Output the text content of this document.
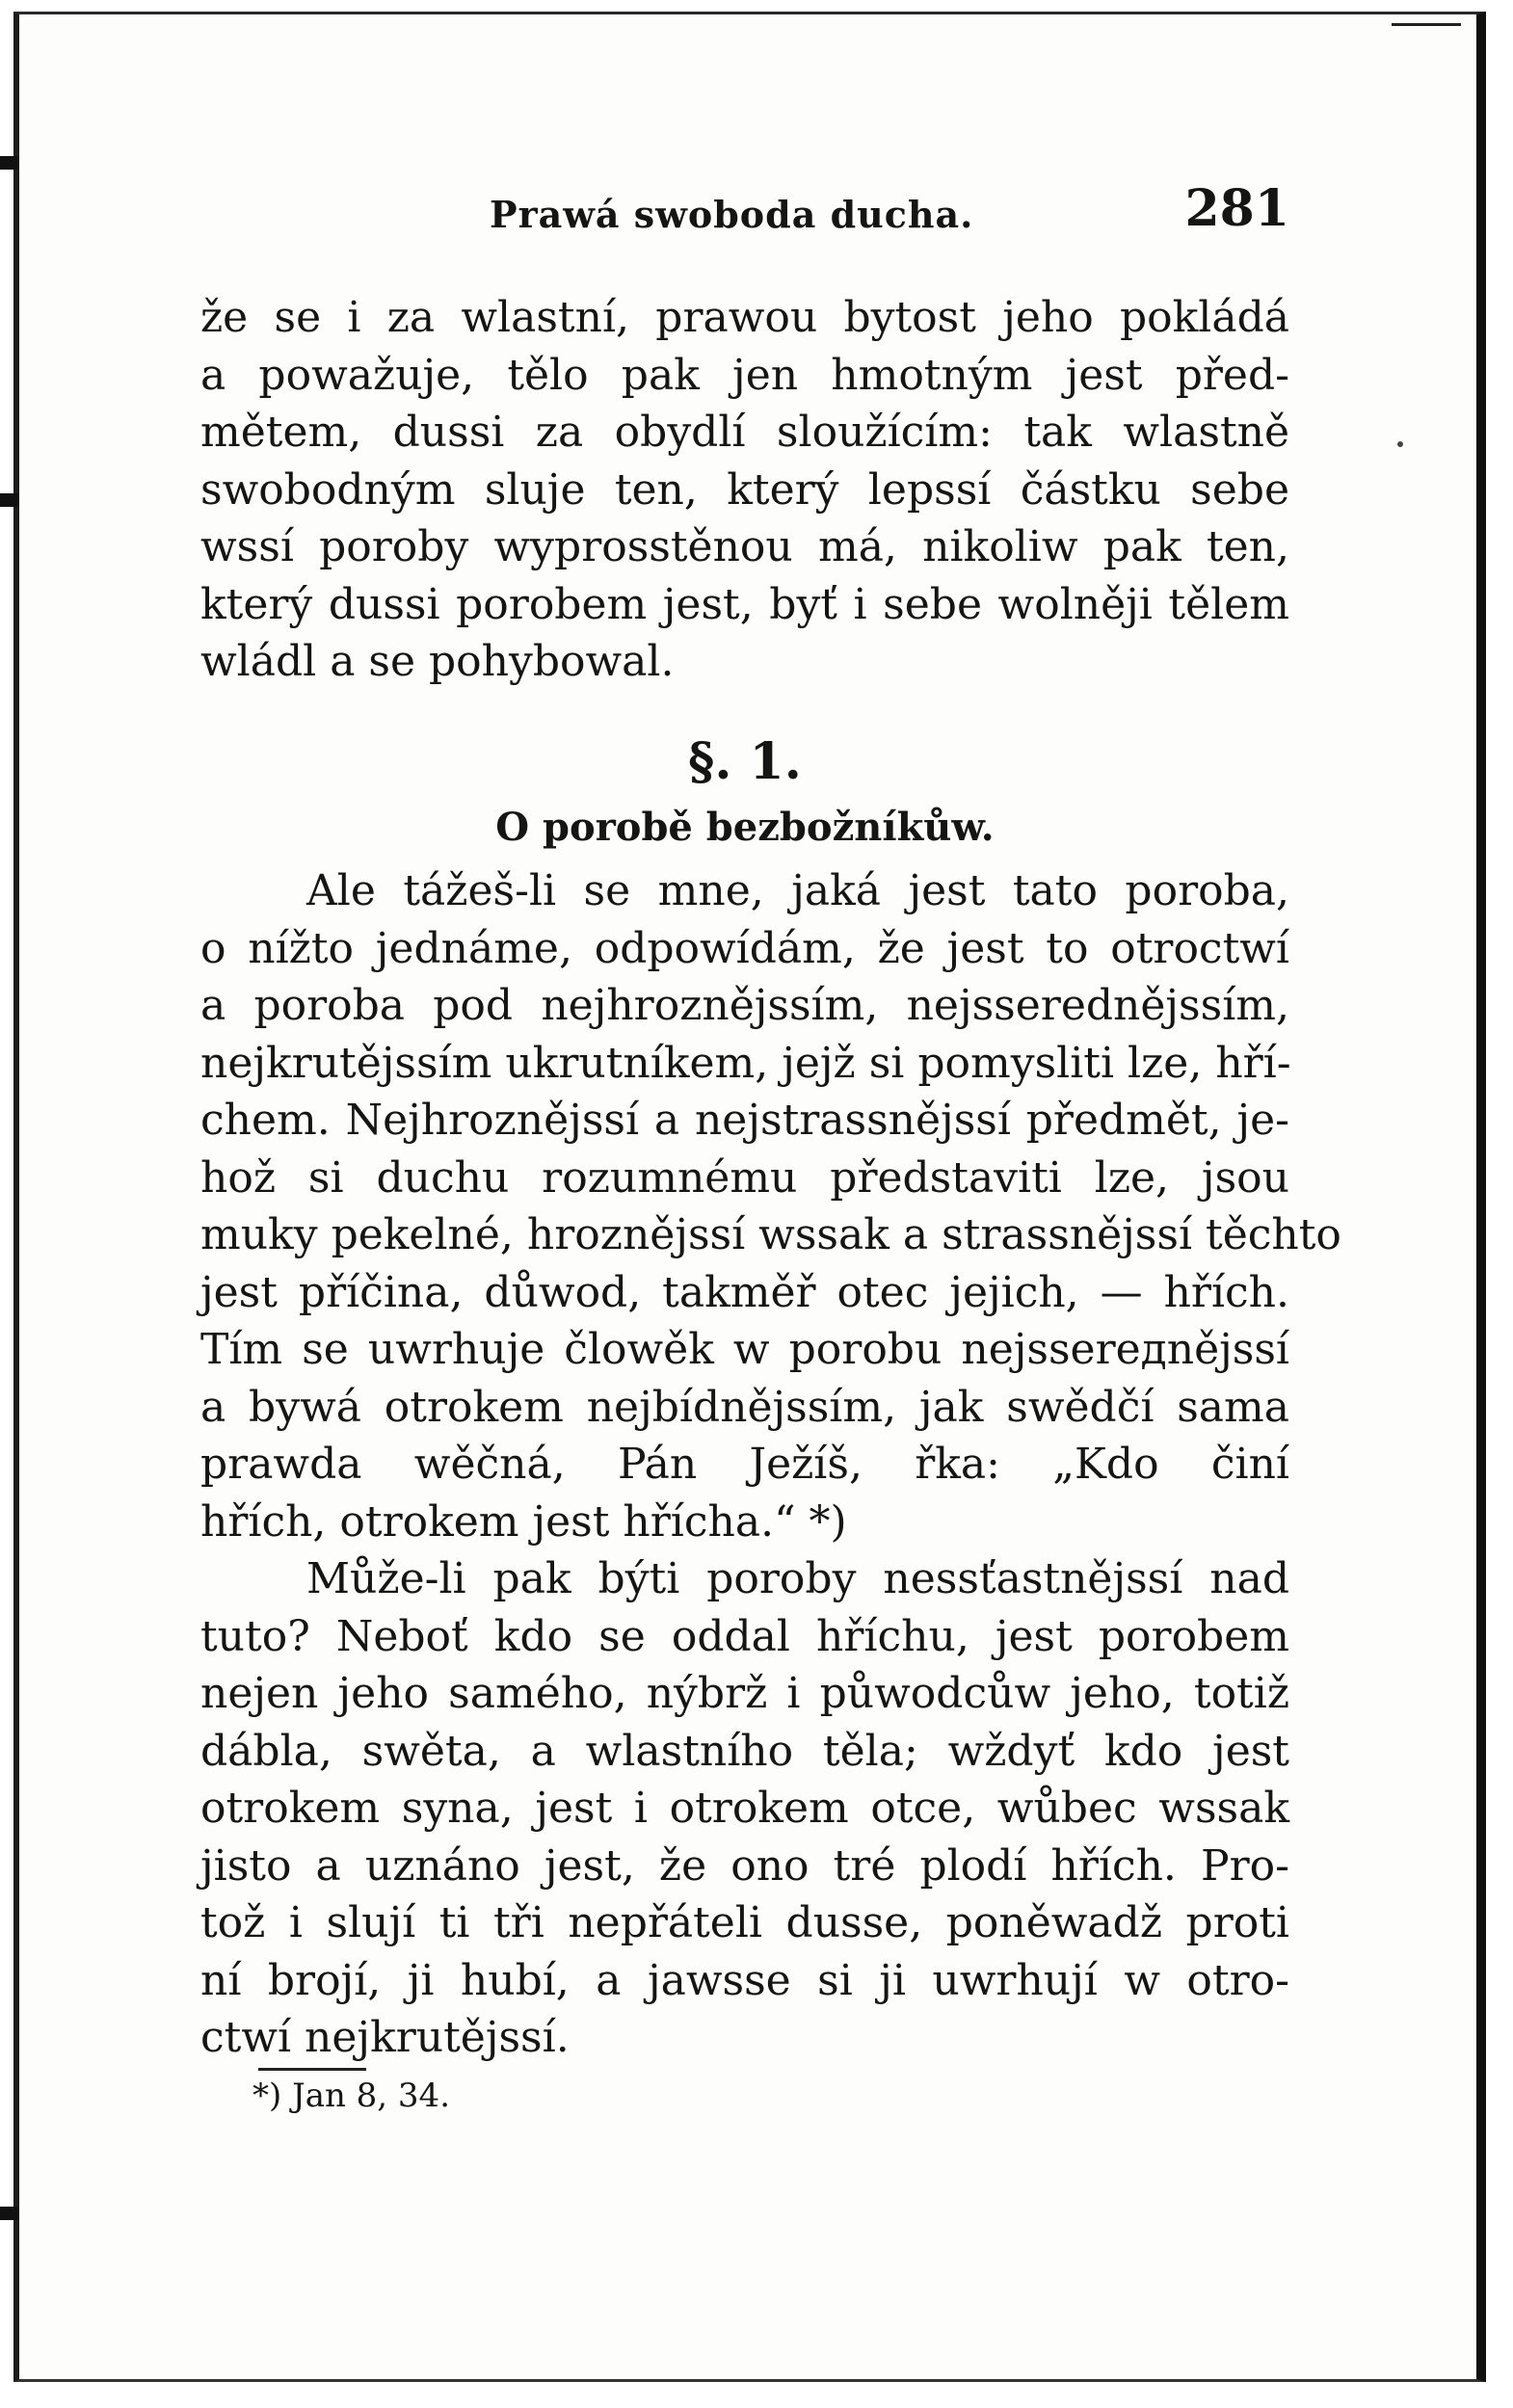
Prawá swoboda ducha.	281
že se i za wlastní, prawou bytost jeho pokládá
a powažuje, tělo pak jen hmotným jest před-
mětem, dussi za obydlí sloužícím: tak wlastně
swobodným sluje ten, který lepssí částku sebe
wssí poroby wyprosstěnou má, nikoliw pak ten,
který dussi porobem jest, byť i sebe wolněji tělem
wládl a se pohybowal.
§. 1.
O porobě bezbožníkůw.
Ale tážeš-li se mne, jaká jest tato poroba,
o nížto jednáme, odpowídám, že jest to otroctwí
a poroba pod nejhroznějssím, nejsseredněјssím,
nejkrutějssím ukrutníkem, jejž si pomysliti lze, hří-
chem. Nejhroznějssí a nejstrassnějssí předmět, je-
hož si duchu rozumnému představiti lze, jsou
muky pekelné, hroznějssí wssak a strassnějssí těchto
jest příčina, důwod, takměř otec jejich, — hřích.
Tím se uwrhuje člowěk w porobu nejssereдnějssí
a bywá otrokem nejbídněјssím, jak swědčí sama
prawda wěčná, Pán Ježíš, řka: „Kdo činí
hřích, otrokem jest hřícha.“ *)
Může-li pak býti poroby nessťastnějssí nad
tuto? Neboť kdo se oddal hříchu, jest porobem
nejen jeho samého, nýbrž i půwodcůw jeho, totiž
dábla, swěta, a wlastního těla; wždyť kdo jest
otrokem syna, jest i otrokem otce, wůbec wssak
jisto a uznáno jest, že ono tré plodí hřích. Pro-
tož i slují ti tři nepřátelі dusse, poněwadž proti
ní brojí, ji hubí, a jawsse si ji uwrhují w otro-
ctwí nejkrutějssí.
*) Jan 8, 34.
